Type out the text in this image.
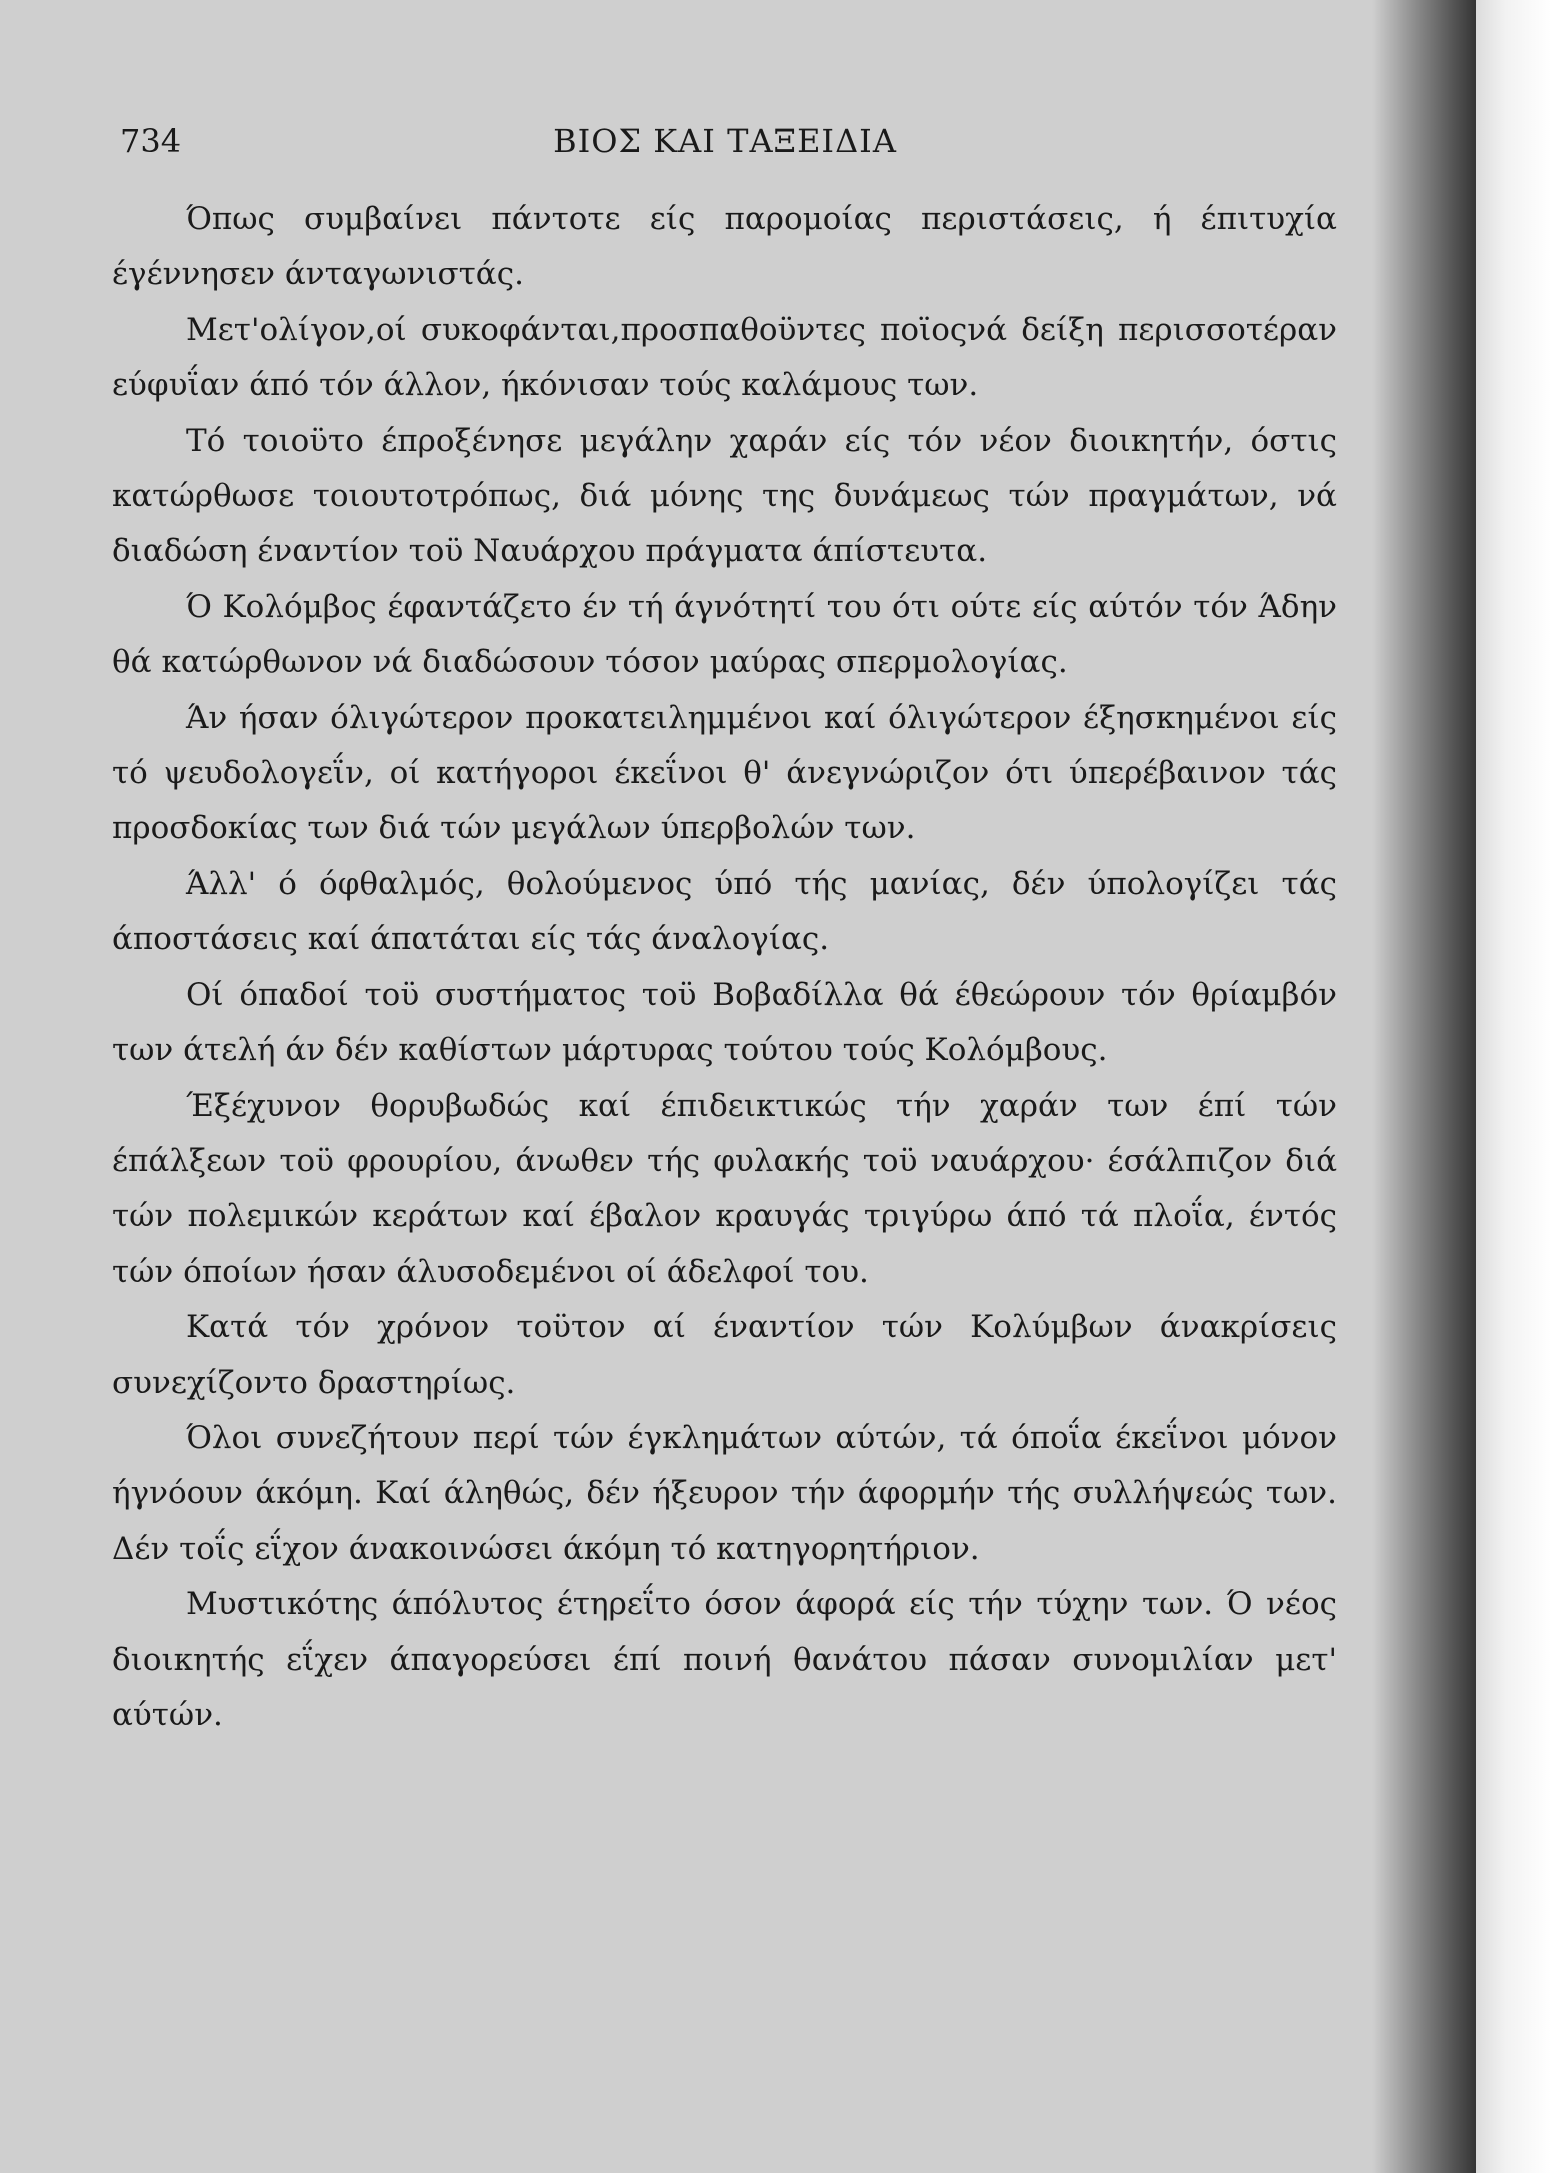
734	ΒΙΟΣ ΚΑΙ ΤΑΞΕΙΔΙΑ

Όπως συμβαίνει πάντοτε είς παρομοίας περιστάσεις, ή έπιτυχία έγέννησεν άνταγωνιστάς.

Μετ'ολίγον,οί συκοφάνται,προσπαθοϋντες ποϊοςνά δείξη περισσοτέραν εύφυΐαν άπό τόν άλλον, ήκόνισαν τούς καλάμους των.

Τό τοιοϋτο έπροξένησε μεγάλην χαράν είς τόν νέον διοικητήν, όστις κατώρθωσε τοιουτοτρόπως, διά μόνης της δυνάμεως τών πραγμάτων, νά διαδώση έναντίον τοϋ Ναυάρχου πράγματα άπίστευτα.

Ό Κολόμβος έφαντάζετο έν τή άγνότητί του ότι ούτε είς αύτόν τόν Άδην θά κατώρθωνον νά διαδώσουν τόσον μαύρας σπερμολογίας.

Άν ήσαν όλιγώτερον προκατειλημμένοι καί όλιγώτερον έξησκημένοι είς τό ψευδολογεΐν, οί κατήγοροι έκεΐνοι θ' άνεγνώριζον ότι ύπερέβαινον τάς προσδοκίας των διά τών μεγάλων ύπερβολών των.

Άλλ' ό όφθαλμός, θολούμενος ύπό τής μανίας, δέν ύπολογίζει τάς άποστάσεις καί άπατάται είς τάς άναλογίας.

Οί όπαδοί τοϋ συστήματος τοϋ Βοβαδίλλα θά έθεώρουν τόν θρίαμβόν των άτελή άν δέν καθίστων μάρτυρας τούτου τούς Κολόμβους.

Έξέχυνον θορυβωδώς καί έπιδεικτικώς τήν χαράν των έπί τών έπάλξεων τοϋ φρουρίου, άνωθεν τής φυλακής τοϋ ναυάρχου· έσάλπιζον διά τών πολεμικών κεράτων καί έβαλον κραυγάς τριγύρω άπό τά πλοΐα, έντός τών όποίων ήσαν άλυσοδεμένοι οί άδελφοί του.

Κατά τόν χρόνον τοϋτον αί έναντίον τών Κολύμβων άνακρίσεις συνεχίζοντο δραστηρίως.

Όλοι συνεζήτουν περί τών έγκλημάτων αύτών, τά όποΐα έκεΐνοι μόνον ήγνόουν άκόμη. Καί άληθώς, δέν ήξευρον τήν άφορμήν τής συλλήψεώς των. Δέν τοΐς εΐχον άνακοινώσει άκόμη τό κατηγορητήριον.

Μυστικότης άπόλυτος έτηρεΐτο όσον άφορά είς τήν τύχην των. Ό νέος διοικητής εΐχεν άπαγορεύσει έπί ποινή θανάτου πάσαν συνομιλίαν μετ' αύτών.
